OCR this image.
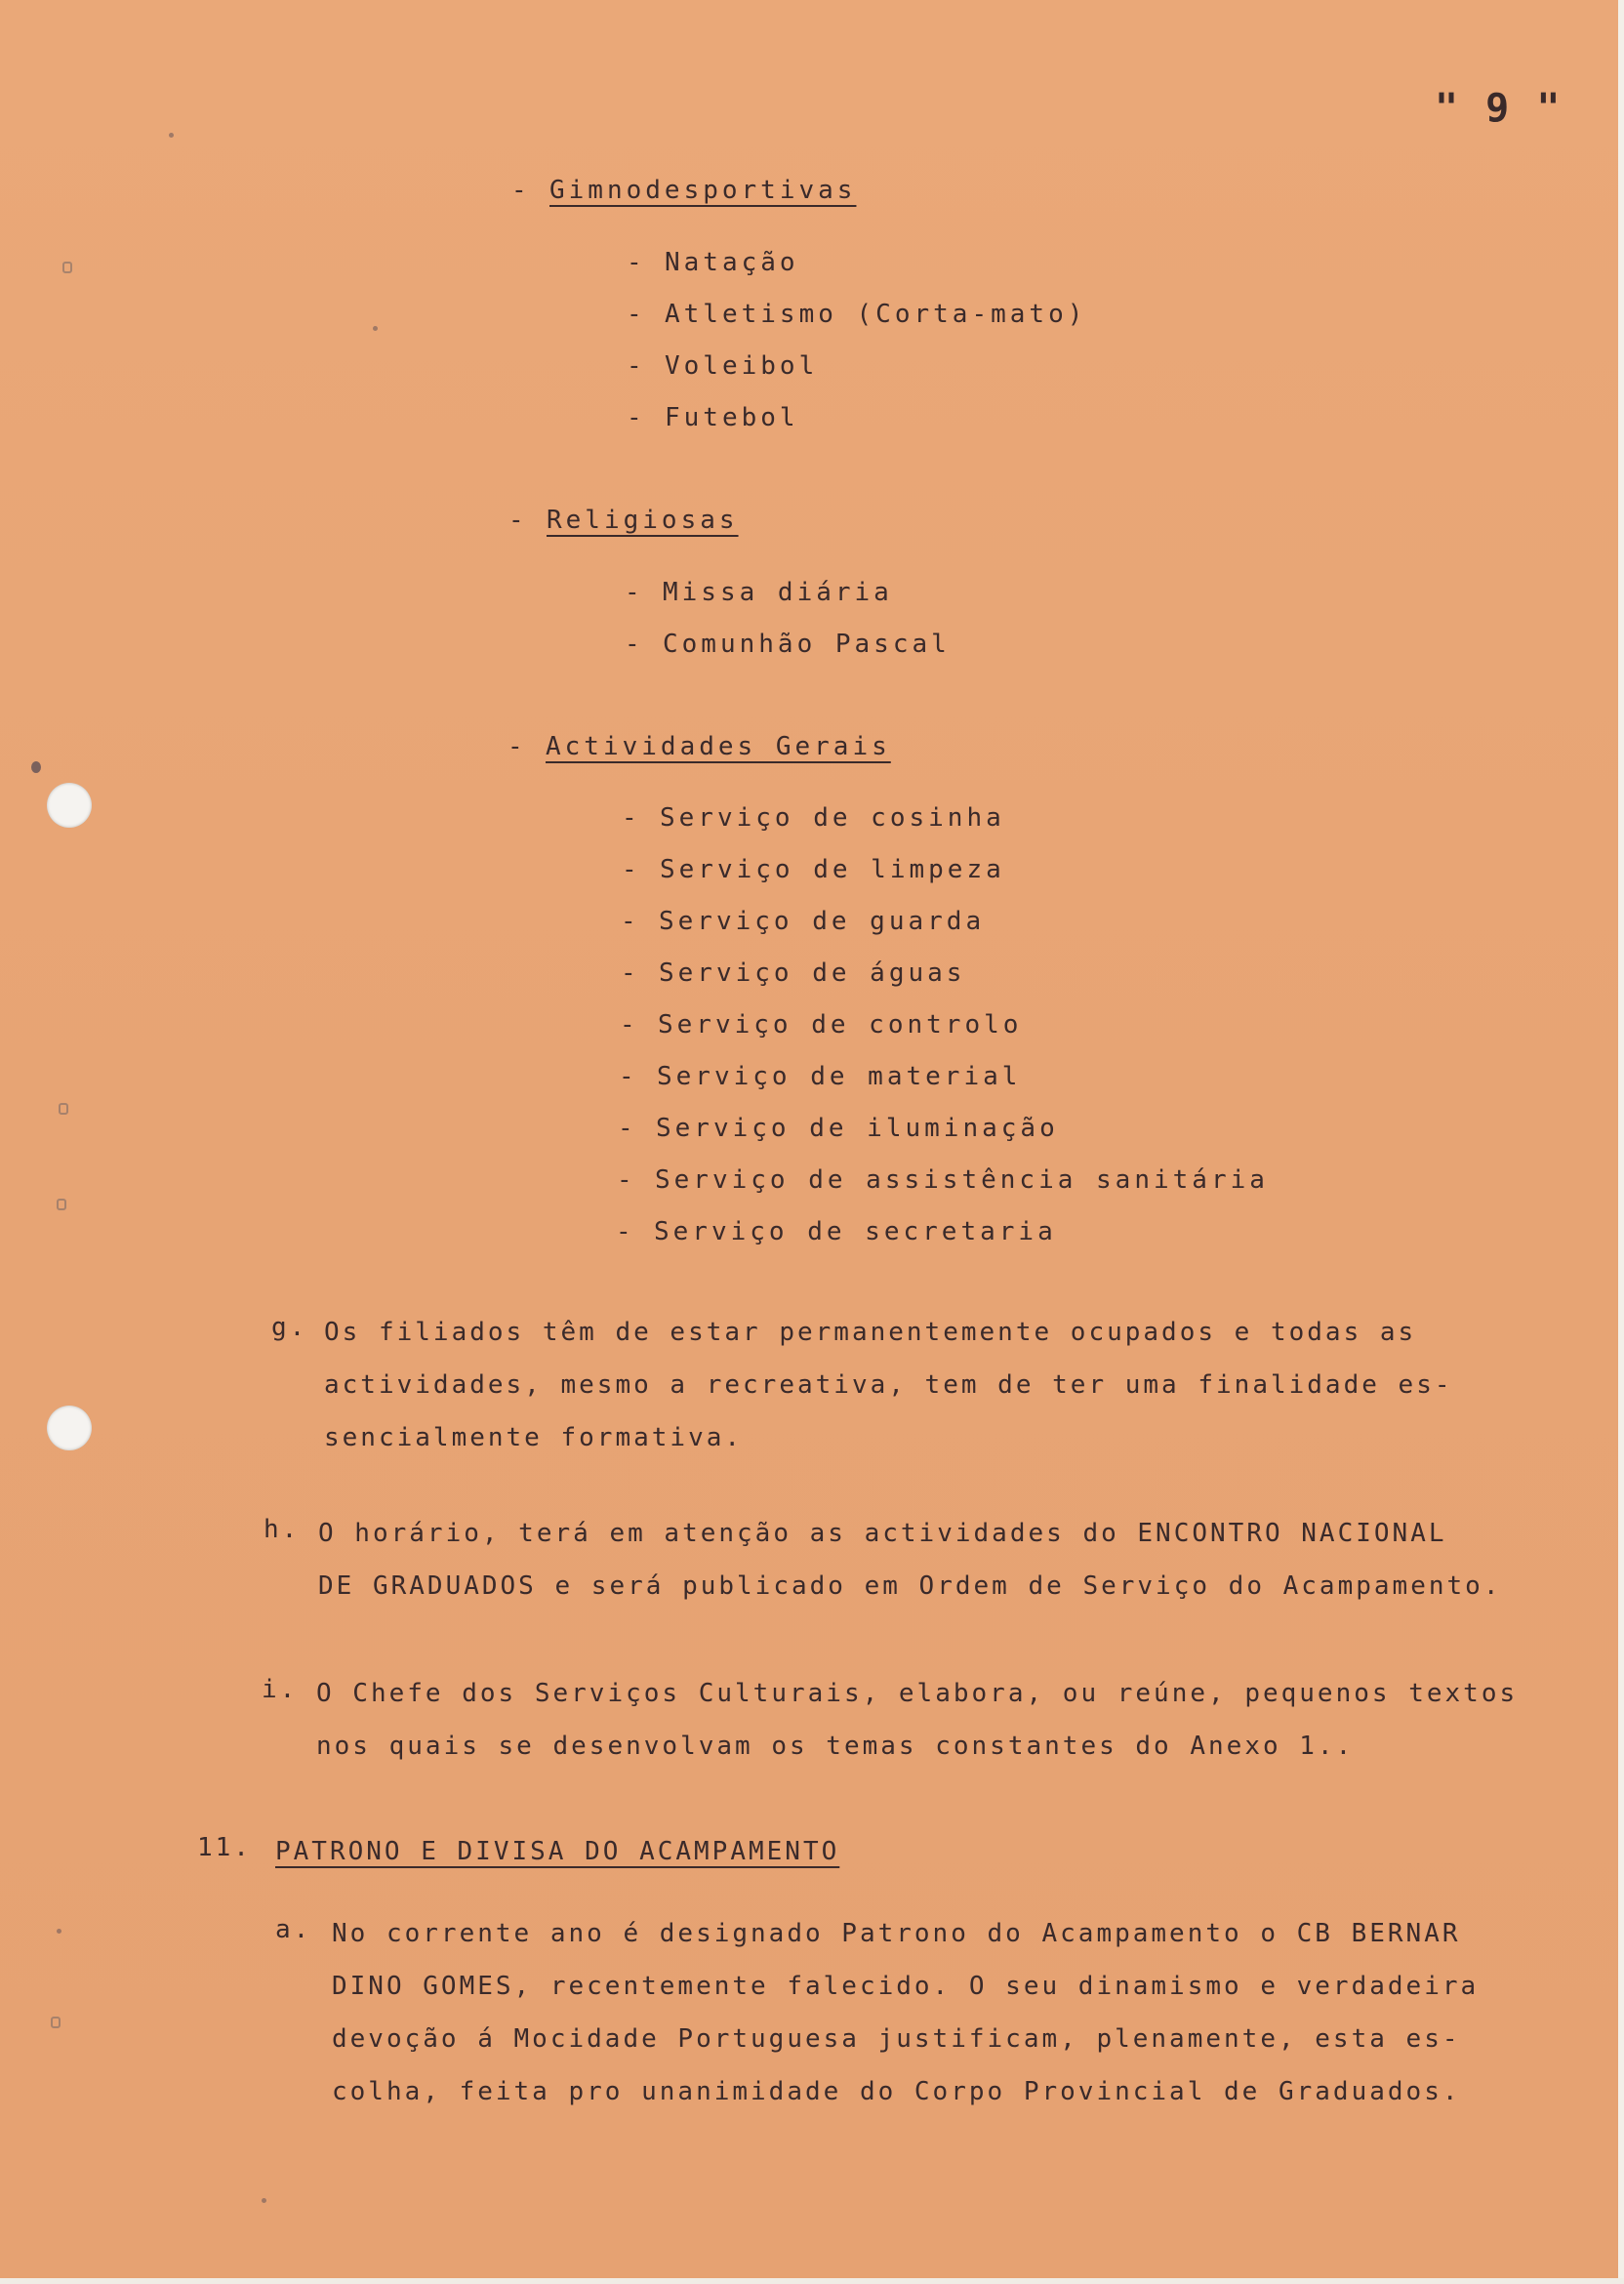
" 9 "
- Gimnodesportivas
- Natação
- Atletismo (Corta-mato)
- Voleibol
- Futebol
- Religiosas
- Missa diária
- Comunhão Pascal
- Actividades Gerais
- Serviço de cosinha
- Serviço de limpeza
- Serviço de guarda
- Serviço de águas
- Serviço de controlo
- Serviço de material
- Serviço de iluminação
- Serviço de assistência sanitária
- Serviço de secretaria
g. Os filiados têm de estar permanentemente ocupados e todas as
actividades, mesmo a recreativa, tem de ter uma finalidade es-
sencialmente formativa.
h. O horário, terá em atenção as actividades do ENCONTRO NACIONAL
DE GRADUADOS e será publicado em Ordem de Serviço do Acampamento.
i. O Chefe dos Serviços Culturais, elabora, ou reúne, pequenos textos
nos quais se desenvolvam os temas constantes do Anexo 1..
11. PATRONO E DIVISA DO ACAMPAMENTO
a. No corrente ano é designado Patrono do Acampamento o CB BERNAR
DINO GOMES, recentemente falecido. O seu dinamismo e verdadeira
devoção á Mocidade Portuguesa justificam, plenamente, esta es-
colha, feita pro unanimidade do Corpo Provincial de Graduados.
